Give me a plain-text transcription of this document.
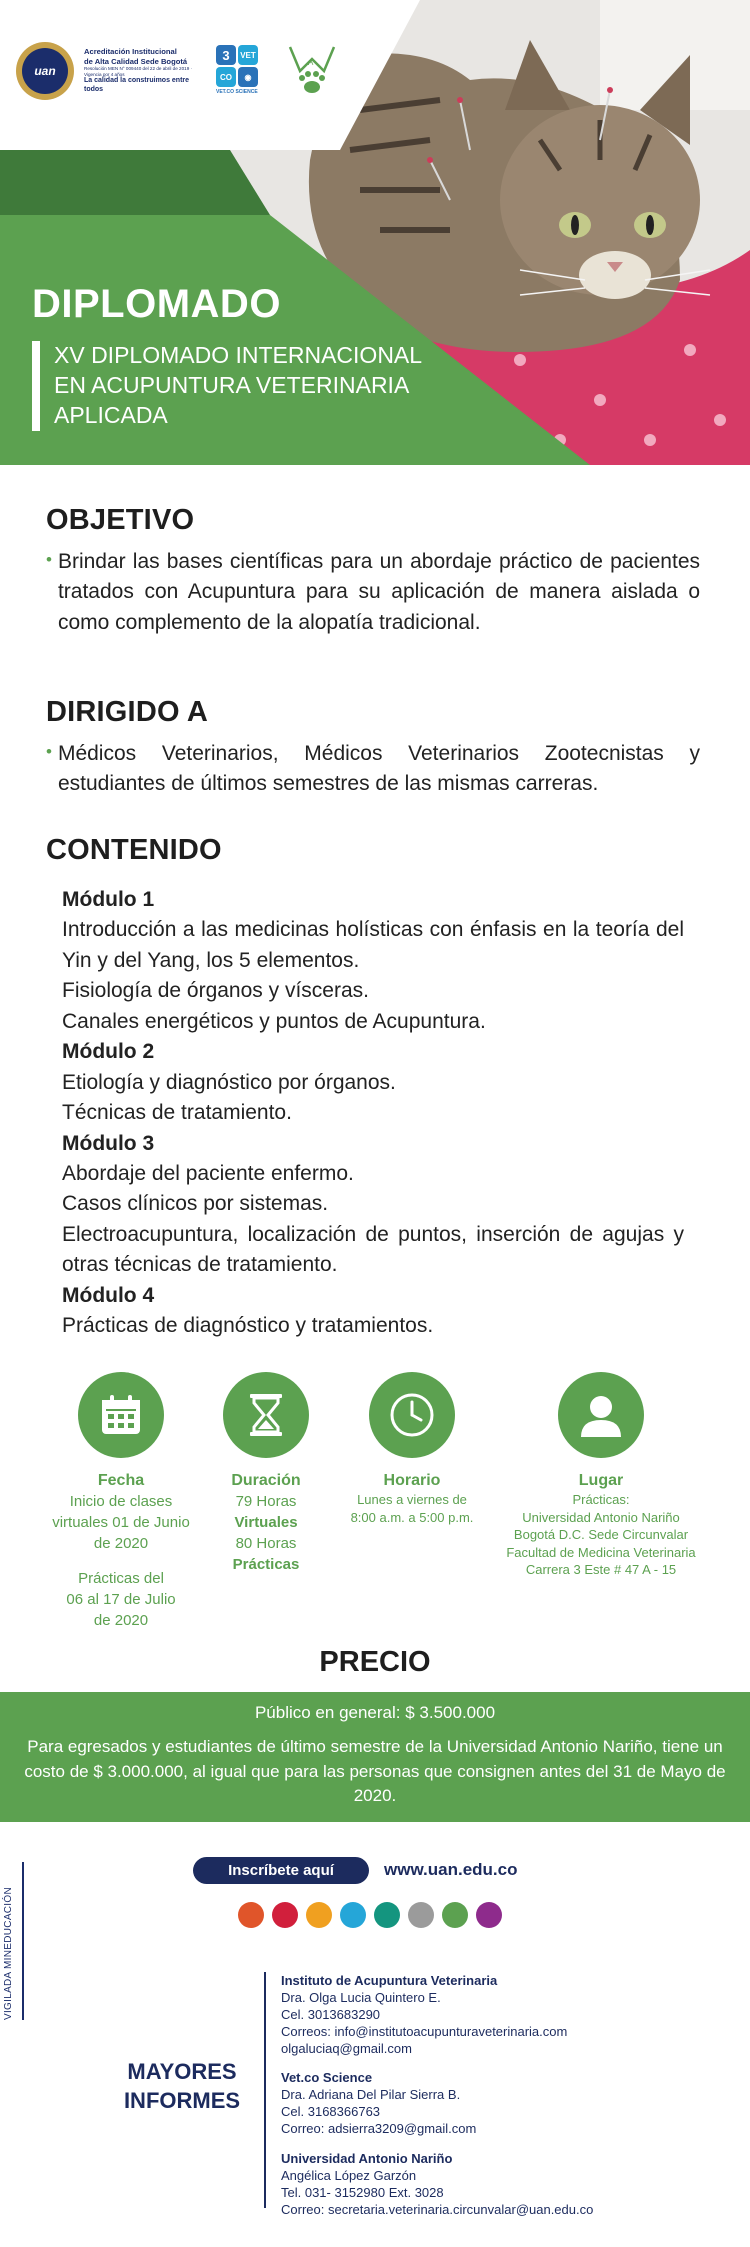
uan
Acreditación Institucional
de Alta Calidad Sede Bogotá
Resolución MEN N° 009440 del 22 de abril de 2019 · Vigencia por 4 años
La calidad la construimos entre todos
3	VET
CO	◉
VET.CO SCIENCE
A
DIPLOMADO
XV DIPLOMADO INTERNACIONAL
EN ACUPUNTURA VETERINARIA
APLICADA
OBJETIVO
• Brindar las bases científicas para un abordaje práctico de pacientes tratados con Acupuntura para su aplicación de manera aislada o como complemento de la alopatía tradicional.
DIRIGIDO A
• Médicos Veterinarios, Médicos Veterinarios Zootecnistas y estudiantes de últimos semestres de las mismas carreras.
CONTENIDO
Módulo 1
Introducción a las medicinas holísticas con énfasis en la teoría del Yin y del Yang, los 5 elementos.
Fisiología de órganos y vísceras.
Canales energéticos y puntos de Acupuntura.
Módulo 2
Etiología y diagnóstico por órganos.
Técnicas de tratamiento.
Módulo 3
Abordaje del paciente enfermo.
Casos clínicos por sistemas.
Electroacupuntura, localización de puntos, inserción de agujas y otras técnicas de tratamiento.
Módulo 4
Prácticas de diagnóstico y tratamientos.
Fecha
Inicio de clases
virtuales 01 de Junio
de 2020
Prácticas del
06 al 17 de Julio
de 2020
Duración
79 Horas
Virtuales
80 Horas
Prácticas
Horario
Lunes a viernes de
8:00 a.m. a 5:00 p.m.
Lugar
Prácticas:
Universidad Antonio Nariño
Bogotá D.C. Sede Circunvalar
Facultad de Medicina Veterinaria
Carrera 3 Este # 47 A - 15
PRECIO
Público en general: $ 3.500.000
Para egresados y estudiantes de último semestre de la Universidad Antonio Nariño, tiene un costo de $ 3.000.000, al igual que para las personas que consignen antes del 31 de Mayo de 2020.
VIGILADA MINEDUCACIÓN
Inscríbete aquí	www.uan.edu.co
MAYORES INFORMES
Instituto de Acupuntura Veterinaria
Dra. Olga Lucia Quintero E.
Cel. 3013683290
Correos: info@institutoacupunturaveterinaria.com
olgaluciaq@gmail.com
Vet.co Science
Dra. Adriana Del Pilar Sierra B.
Cel. 3168366763
Correo: adsierra3209@gmail.com
Universidad Antonio Nariño
Angélica López Garzón
Tel. 031- 3152980 Ext. 3028
Correo: secretaria.veterinaria.circunvalar@uan.edu.co
